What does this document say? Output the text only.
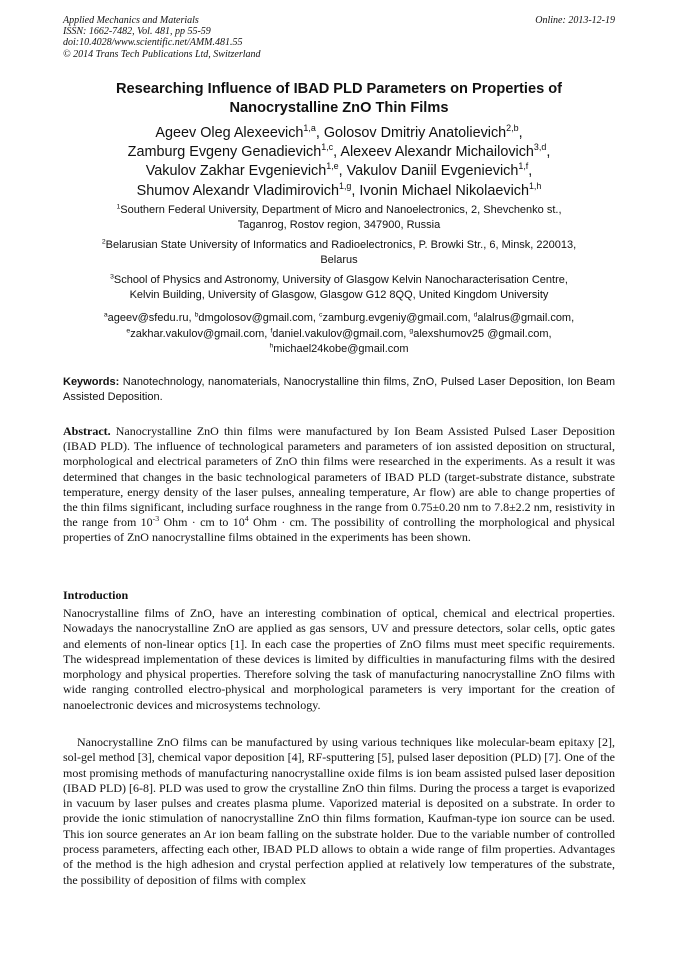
Applied Mechanics and Materials
ISSN: 1662-7482, Vol. 481, pp 55-59
doi:10.4028/www.scientific.net/AMM.481.55
© 2014 Trans Tech Publications Ltd, Switzerland
Online: 2013-12-19
Researching Influence of IBAD PLD Parameters on Properties of
Nanocrystalline ZnO Thin Films
Ageev Oleg Alexeevich$^{1,a}$, Golosov Dmitriy Anatolievich$^{2,b}$,
Zamburg Evgeny Genadievich$^{1,c}$, Alexeev Alexandr Michailovich$^{3,d}$,
Vakulov Zakhar Evgenievich$^{1,e}$, Vakulov Daniil Evgenievich$^{1,f}$,
Shumov Alexandr Vladimirovich$^{1,g}$, Ivonin Michael Nikolaevich$^{1,h}$
$^1$Southern Federal University, Department of Micro and Nanoelectronics, 2, Shevchenko st.,
Taganrog, Rostov region, 347900, Russia
$^2$Belarusian State University of Informatics and Radioelectronics, P. Browki Str., 6, Minsk, 220013,
Belarus
$^3$School of Physics and Astronomy, University of Glasgow Kelvin Nanocharacterisation Centre,
Kelvin Building, University of Glasgow, Glasgow G12 8QQ, United Kingdom University
$^a$ageev@sfedu.ru, $^b$dmgolosov@gmail.com, $^c$zamburg.evgeniy@gmail.com, $^d$alalrus@gmail.com,
$^e$zakhar.vakulov@gmail.com, $^f$daniel.vakulov@gmail.com, $^g$alexshumov25 @gmail.com,
$^h$michael24kobe@gmail.com
Keywords: Nanotechnology, nanomaterials, Nanocrystalline thin films, ZnO, Pulsed Laser Deposition, Ion Beam Assisted Deposition.
Abstract. Nanocrystalline ZnO thin films were manufactured by Ion Beam Assisted Pulsed Laser Deposition (IBAD PLD). The influence of technological parameters and parameters of ion assisted deposition on structural, morphological and electrical parameters of ZnO thin films were researched in the experiments. As a result it was determined that changes in the basic technological parameters of IBAD PLD (target-substrate distance, substrate temperature, energy density of the laser pulses, annealing temperature, Ar flow) are able to change properties of the thin films significant, including surface roughness in the range from 0.75±0.20 nm to 7.8±2.2 nm, resistivity in the range from $10^{-3}$ Ohm · cm to $10^4$ Ohm · cm. The possibility of controlling the morphological and physical properties of ZnO nanocrystalline films obtained in the experiments has been shown.
Introduction

Nanocrystalline films of ZnO, have an interesting combination of optical, chemical and electrical properties. Nowadays the nanocrystalline ZnO are applied as gas sensors, UV and pressure detectors, solar cells, optic gates and elements of non-linear optics [1]. In each case the properties of ZnO films must meet specific requirements. The widespread implementation of these devices is limited by difficulties in manufacturing films with the desired morphology and physical properties. Therefore solving the task of manufacturing nanocrystalline ZnO films with wide ranging controlled electro-physical and morphological parameters is very important for the creation of nanoelectronic devices and microsystems technology.

Nanocrystalline ZnO films can be manufactured by using various techniques like molecular-beam epitaxy [2], sol-gel method [3], chemical vapor deposition [4], RF-sputtering [5], pulsed laser deposition (PLD) [7]. One of the most promising methods of manufacturing nanocrystalline oxide films is ion beam assisted pulsed laser deposition (IBAD PLD) [6-8]. PLD was used to grow the crystalline ZnO thin films. During the process a target is evaporized in vacuum by laser pulses and creates plasma plume. Vaporized material is deposited on a substrate. In order to provide the ionic stimulation of nanocrystalline ZnO thin films formation, Kaufman-type ion source can be used. This ion source generates an Ar ion beam falling on the substrate holder. Due to the variable number of controlled process parameters, affecting each other, IBAD PLD allows to obtain a wide range of film properties. Advantages of the method is the high adhesion and crystal perfection applied at relatively low temperatures of the substrate, the possibility of deposition of films with complex
